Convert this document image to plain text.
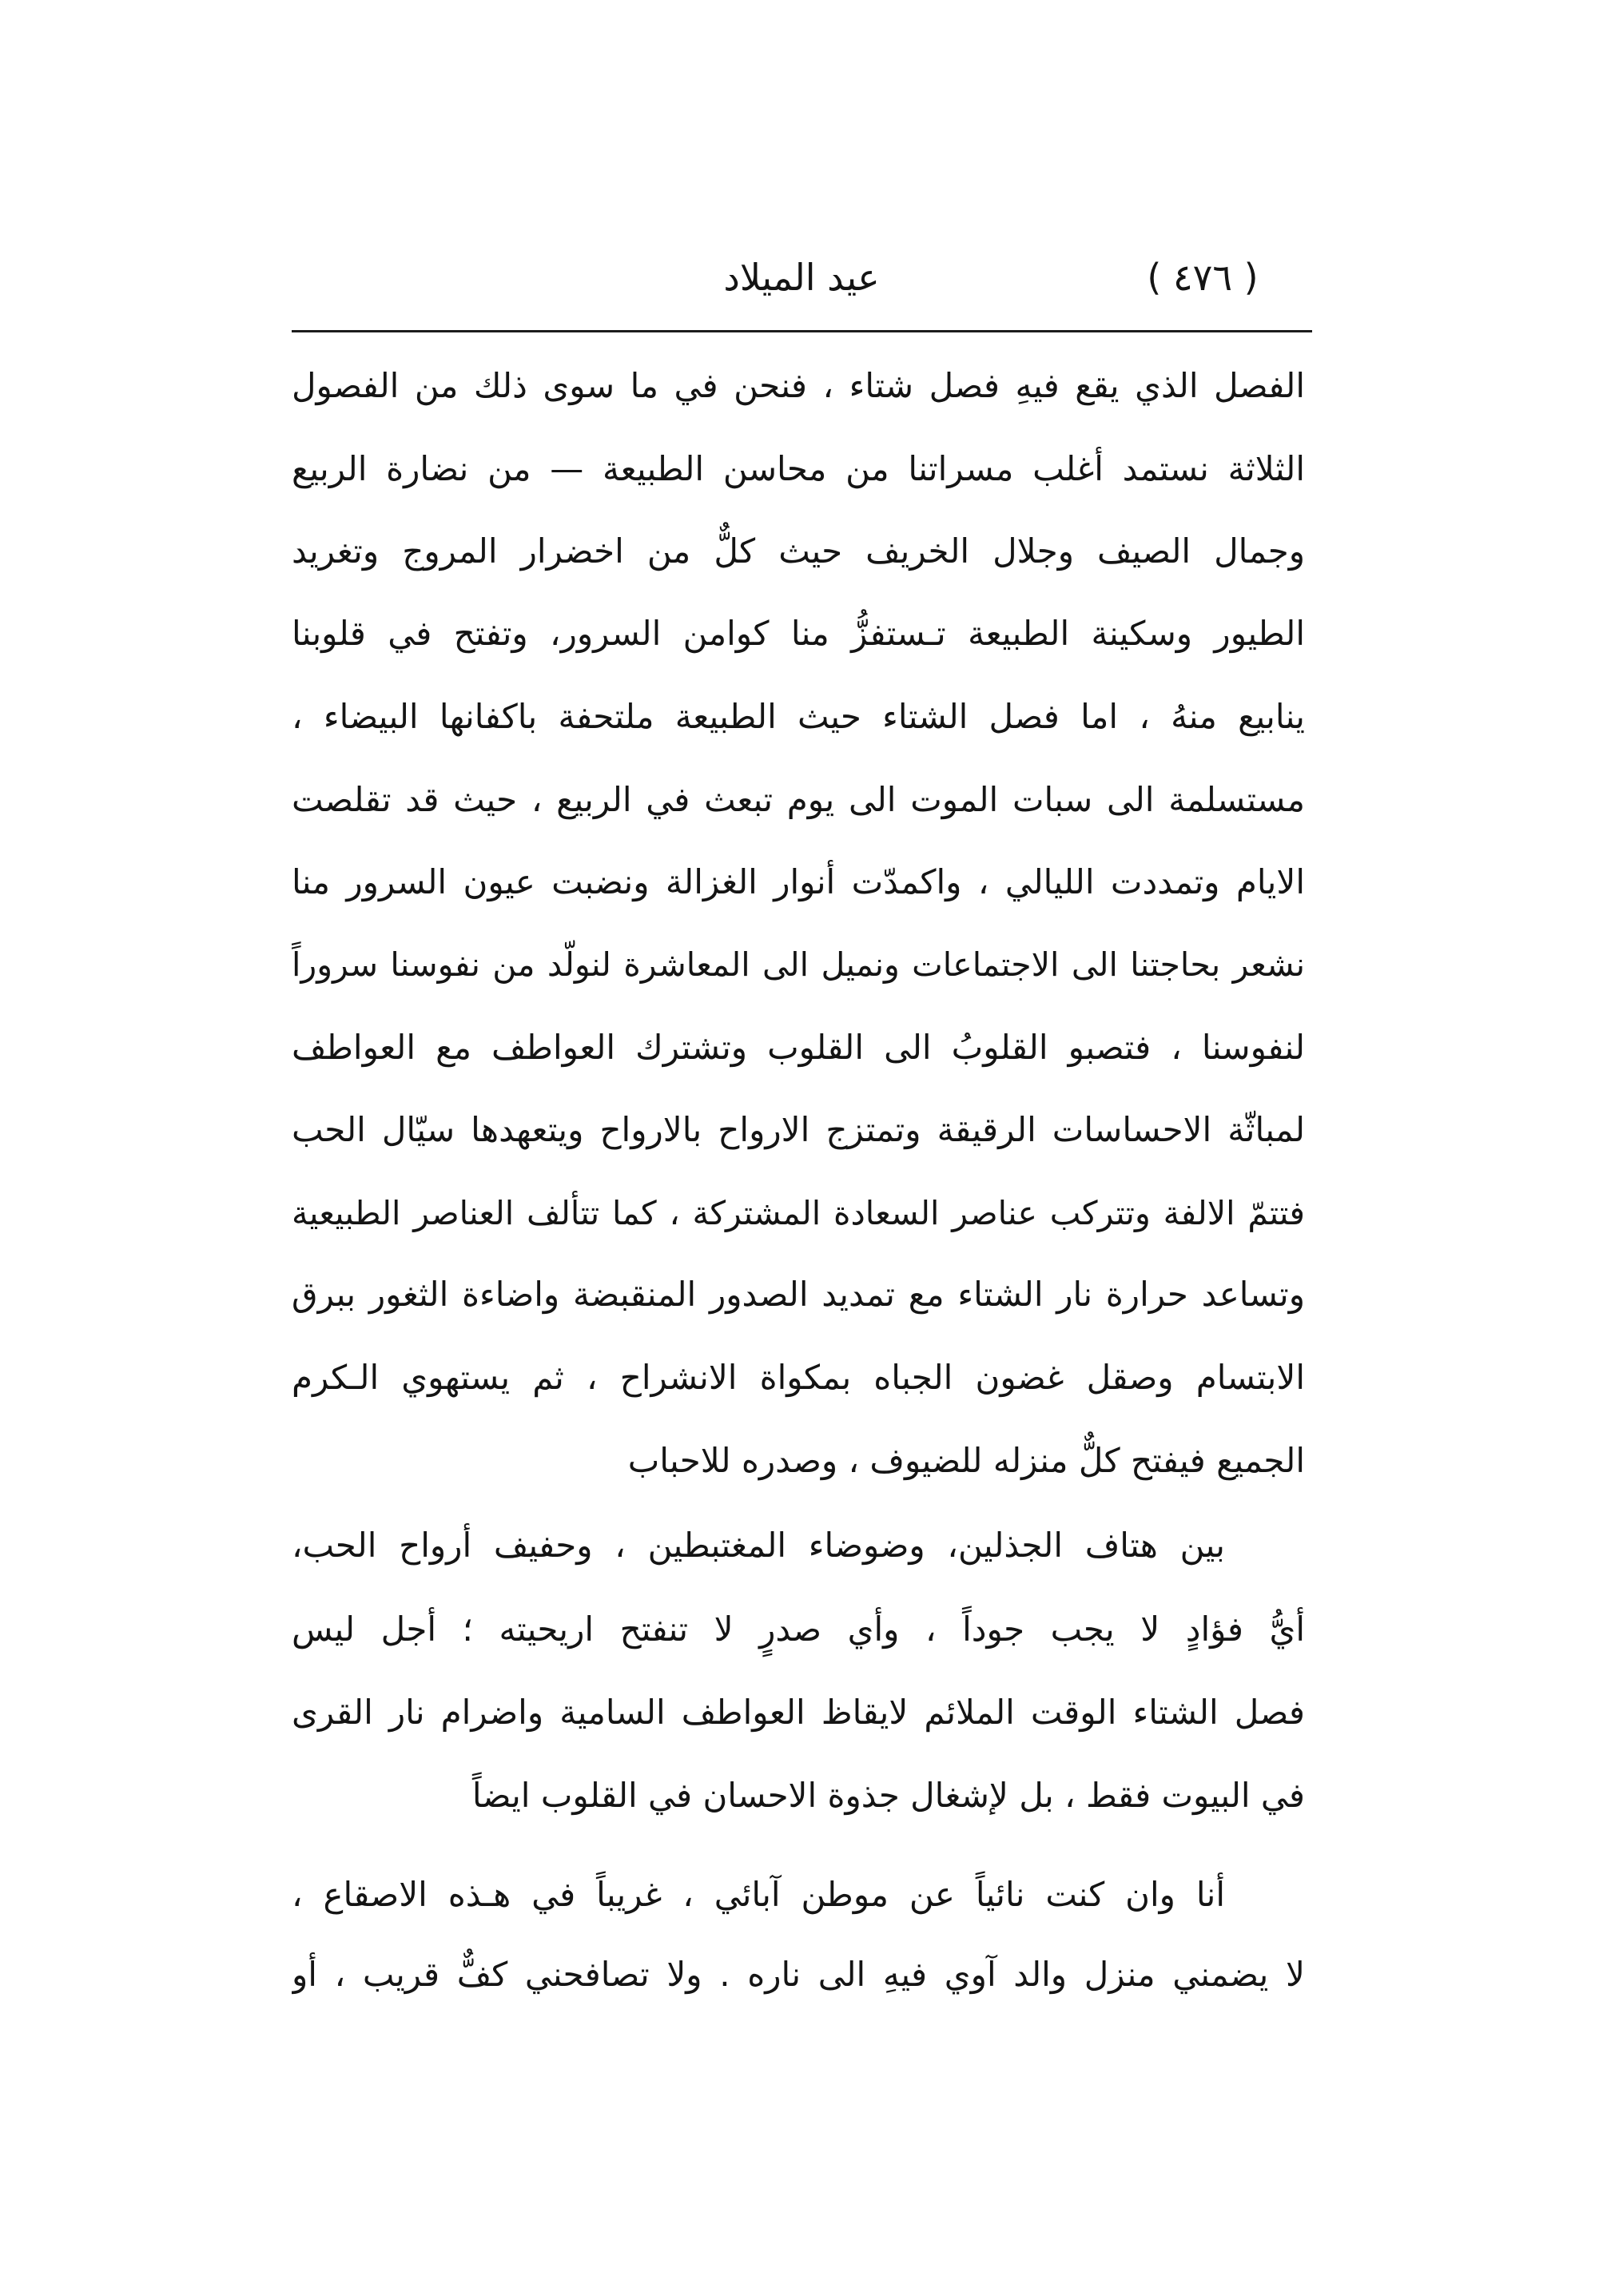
( ٤٧٦ )
عيد الميلاد
الفصل الذي يقع فيهِ فصل شتاء ، فنحن في ما سوى ذلك من الفصول
الثلاثة نستمد أغلب مسراتنا من محاسن الطبيعة — من نضارة الربيع
وجمال الصيف وجلال الخريف حيث كلٌّ من اخضرار المروج وتغريد
الطيور وسكينة الطبيعة تـستفزُّ منا كوامن السرور، وتفتح في قلوبنا
ينابيع منهُ ، اما فصل الشتاء حيث الطبيعة ملتحفة باكفانها البيضاء ،
مستسلمة الى سبات الموت الى يوم تبعث في الربيع ، حيث قد تقلصت
الايام وتمددت الليالي ، واكمدّت أنوار الغزالة ونضبت عيون السرور منا
نشعر بحاجتنا الى الاجتماعات ونميل الى المعاشرة لنولّد من نفوسنا سروراً
لنفوسنا ، فتصبو القلوبُ الى القلوب وتشترك العواطف مع العواطف
لمباثّة الاحساسات الرقيقة وتمتزج الارواح بالارواح ويتعهدها سيّال الحب
فتتمّ الالفة وتتركب عناصر السعادة المشتركة ، كما تتألف العناصر الطبيعية
وتساعد حرارة نار الشتاء مع تمديد الصدور المنقبضة واضاءة الثغور ببرق
الابتسام وصقل غضون الجباه بمكواة الانشراح ، ثم يستهوي الـكرم
الجميع فيفتح كلٌّ منزله للضيوف ، وصدره للاحباب
بين هتاف الجذلين، وضوضاء المغتبطين ، وحفيف أرواح الحب،
أيُّ فؤادٍ لا يجب جوداً ، وأي صدرٍ لا تنفتح اريحيته ؛ أجل ليس
فصل الشتاء الوقت الملائم لايقاظ العواطف السامية واضرام نار القرى
في البيوت فقط ، بل لإشغال جذوة الاحسان في القلوب ايضاً
أنا وان كنت نائياً عن موطن آبائي ، غريباً في هـذه الاصقاع ،
لا يضمني منزل والد آوي فيهِ الى ناره . ولا تصافحني كفٌّ قريب ، أو
